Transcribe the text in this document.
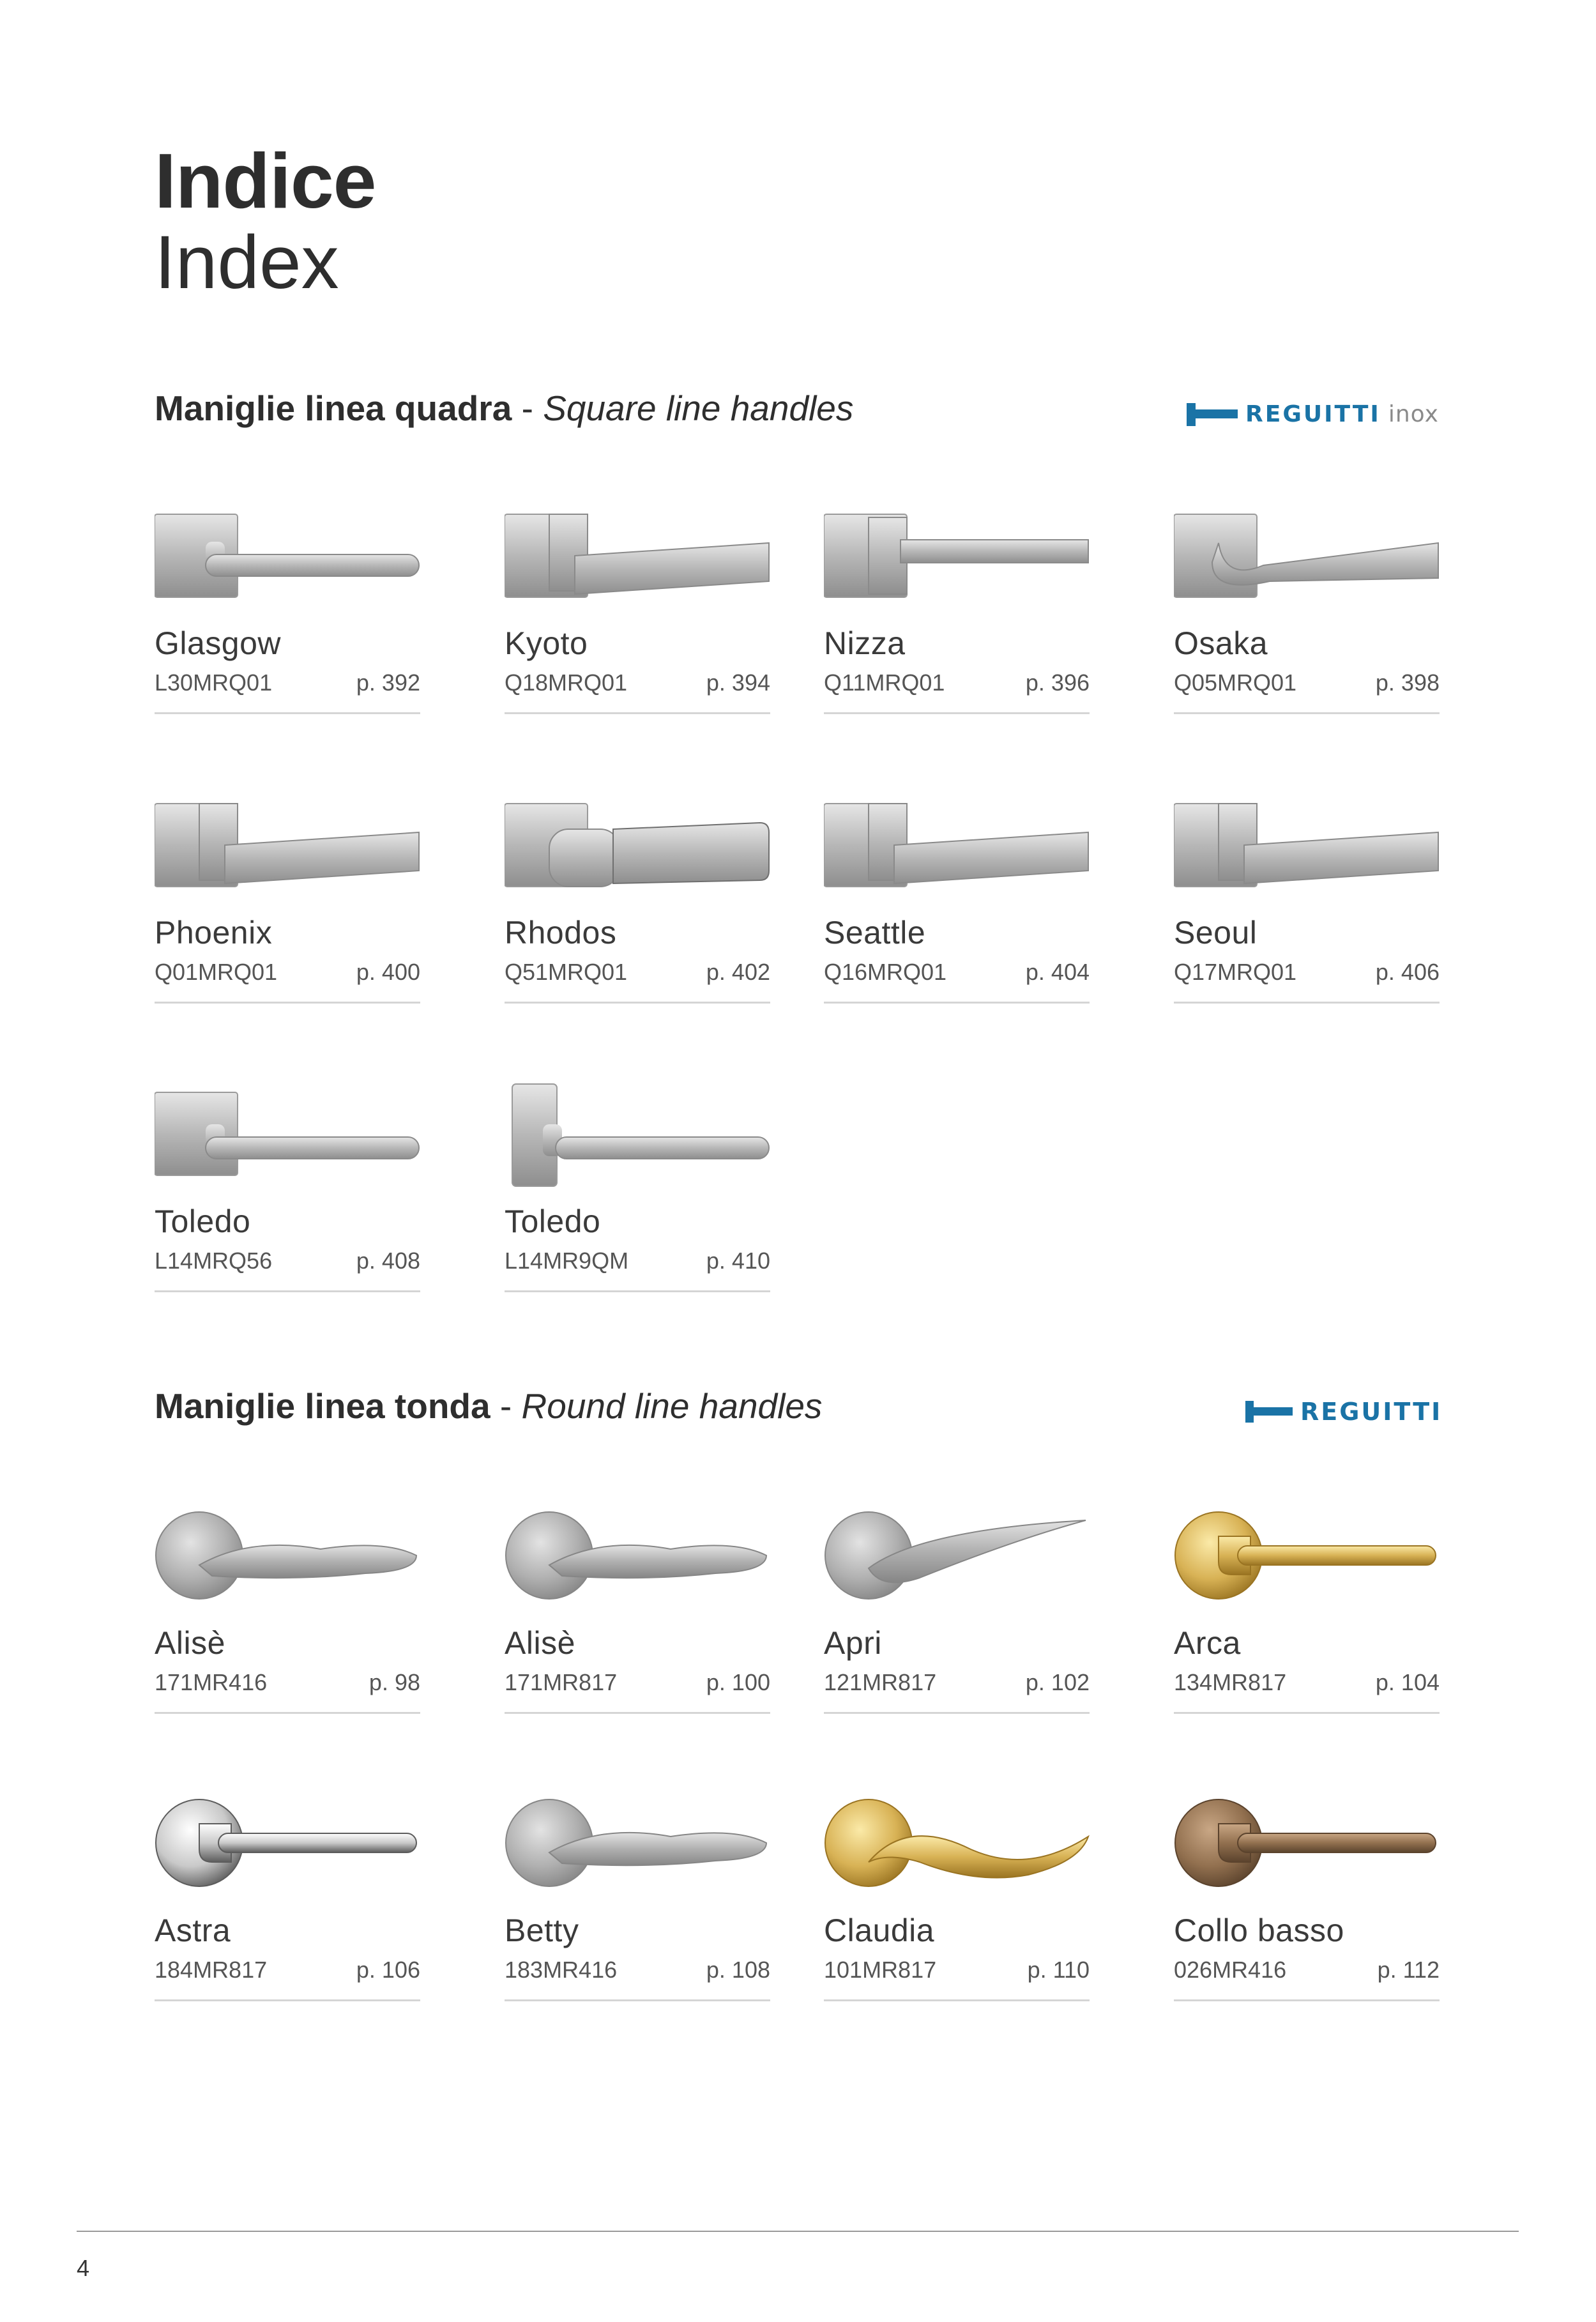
Indice
Index
Maniglie linea quadra - Square line handles	REGUITTI inox
Glasgow
L30MRQ01	p. 392
Kyoto
Q18MRQ01	p. 394
Nizza
Q11MRQ01	p. 396
Osaka
Q05MRQ01	p. 398
Phoenix
Q01MRQ01	p. 400
Rhodos
Q51MRQ01	p. 402
Seattle
Q16MRQ01	p. 404
Seoul
Q17MRQ01	p. 406
Toledo
L14MRQ56	p. 408
Toledo
L14MR9QM	p. 410
Maniglie linea tonda - Round line handles	REGUITTI
Alisè
171MR416	p. 98
Alisè
171MR817	p. 100
Apri
121MR817	p. 102
Arca
134MR817	p. 104
Astra
184MR817	p. 106
Betty
183MR416	p. 108
Claudia
101MR817	p. 110
Collo basso
026MR416	p. 112
4
